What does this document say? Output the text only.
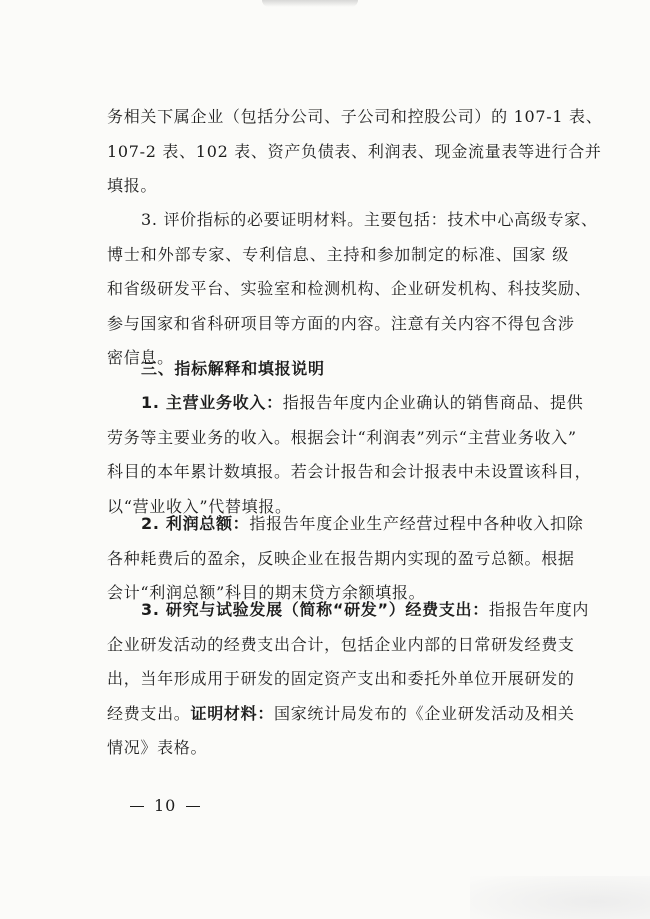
务相关下属企业（包括分公司、子公司和控股公司）的 107-1 表、
107-2 表、102 表、资产负债表、利润表、现金流量表等进行合并
填报。

3. 评价指标的必要证明材料。主要包括：技术中心高级专家、
博士和外部专家、专利信息、主持和参加制定的标准、国家 级
和省级研发平台、实验室和检测机构、企业研发机构、科技奖励、
参与国家和省科研项目等方面的内容。注意有关内容不得包含涉
密信息。

三、指标解释和填报说明

1. 主营业务收入：指报告年度内企业确认的销售商品、提供
劳务等主要业务的收入。根据会计“利润表”列示“主营业务收入”
科目的本年累计数填报。若会计报告和会计报表中未设置该科目，
以“营业收入”代替填报。

2. 利润总额：指报告年度企业生产经营过程中各种收入扣除
各种耗费后的盈余，反映企业在报告期内实现的盈亏总额。根据
会计“利润总额”科目的期末贷方余额填报。

3. 研究与试验发展（简称“研发”）经费支出：指报告年度内
企业研发活动的经费支出合计，包括企业内部的日常研发经费支
出，当年形成用于研发的固定资产支出和委托外单位开展研发的
经费支出。证明材料：国家统计局发布的《企业研发活动及相关
情况》表格。

10
